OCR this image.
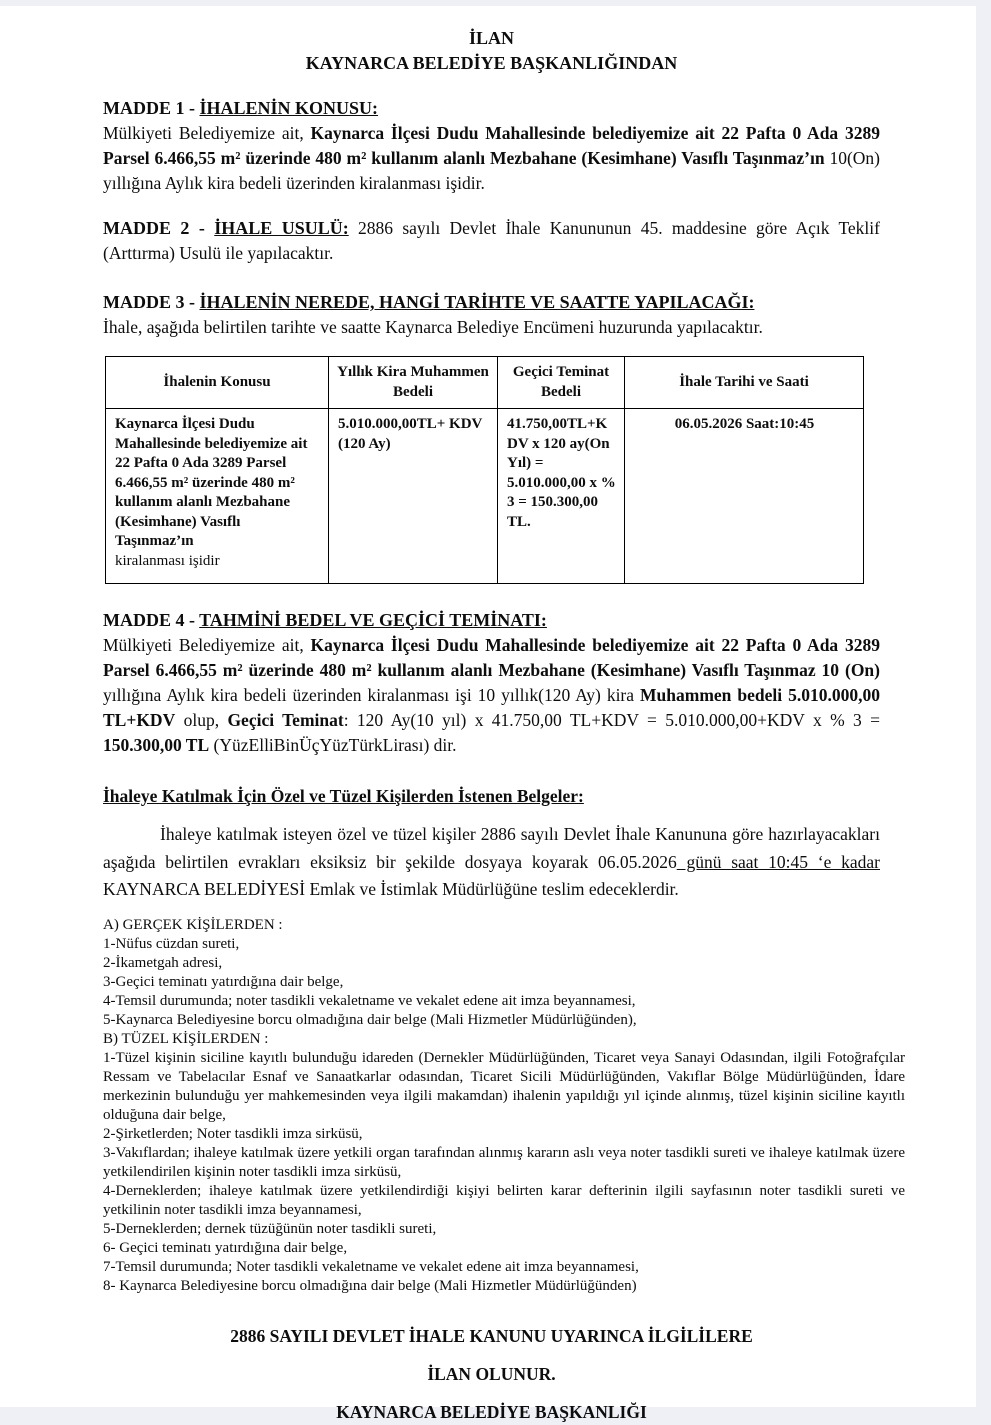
İLAN
KAYNARCA BELEDİYE BAŞKANLIĞINDAN
MADDE 1 - İHALENİN KONUSU:
Mülkiyeti Belediyemize ait, Kaynarca İlçesi Dudu Mahallesinde belediyemize ait 22 Pafta 0 Ada 3289 Parsel 6.466,55 m² üzerinde 480 m² kullanım alanlı Mezbahane (Kesimhane) Vasıflı Taşınmaz’ın 10(On) yıllığına Aylık kira bedeli üzerinden kiralanması işidir.
MADDE 2 - İHALE USULÜ: 2886 sayılı Devlet İhale Kanununun 45. maddesine göre Açık Teklif (Arttırma) Usulü ile yapılacaktır.
MADDE 3 - İHALENİN NEREDE, HANGİ TARİHTE VE SAATTE YAPILACAĞI:
İhale, aşağıda belirtilen tarihte ve saatte Kaynarca Belediye Encümeni huzurunda yapılacaktır.
İhalenin Konusu	Yıllık Kira Muhammen Bedeli	Geçici Teminat Bedeli	İhale Tarihi ve Saati
Kaynarca İlçesi Dudu Mahallesinde belediyemize ait 22 Pafta 0 Ada 3289 Parsel 6.466,55 m² üzerinde 480 m² kullanım alanlı Mezbahane (Kesimhane) Vasıflı Taşınmaz’ın
kiralanması işidir	5.010.000,00TL+ KDV (120 Ay)	41.750,00TL+KDV x 120 ay(On Yıl) = 5.010.000,00 x % 3 = 150.300,00 TL.	06.05.2026 Saat:10:45
MADDE 4 - TAHMİNİ BEDEL VE GEÇİCİ TEMİNATI:
Mülkiyeti Belediyemize ait, Kaynarca İlçesi Dudu Mahallesinde belediyemize ait 22 Pafta 0 Ada 3289 Parsel 6.466,55 m² üzerinde 480 m² kullanım alanlı Mezbahane (Kesimhane) Vasıflı Taşınmaz 10 (On) yıllığına Aylık kira bedeli üzerinden kiralanması işi 10 yıllık(120 Ay) kira Muhammen bedeli 5.010.000,00 TL+KDV olup, Geçici Teminat: 120 Ay(10 yıl) x 41.750,00 TL+KDV = 5.010.000,00+KDV x % 3 = 150.300,00 TL (YüzElliBinÜçYüzTürkLirası) dir.
İhaleye Katılmak İçin Özel ve Tüzel Kişilerden İstenen Belgeler:
İhaleye katılmak isteyen özel ve tüzel kişiler 2886 sayılı Devlet İhale Kanununa göre hazırlayacakları aşağıda belirtilen evrakları eksiksiz bir şekilde dosyaya koyarak 06.05.2026 günü saat 10:45 ‘e kadar KAYNARCA BELEDİYESİ Emlak ve İstimlak Müdürlüğüne teslim edeceklerdir.
A) GERÇEK KİŞİLERDEN :
1-Nüfus cüzdan sureti,
2-İkametgah adresi,
3-Geçici teminatı yatırdığına dair belge,
4-Temsil durumunda; noter tasdikli vekaletname ve vekalet edene ait imza beyannamesi,
5-Kaynarca Belediyesine borcu olmadığına dair belge (Mali Hizmetler Müdürlüğünden),
B) TÜZEL KİŞİLERDEN :
1-Tüzel kişinin siciline kayıtlı bulunduğu idareden (Dernekler Müdürlüğünden, Ticaret veya Sanayi Odasından, ilgili Fotoğrafçılar Ressam ve Tabelacılar Esnaf ve Sanaatkarlar odasından, Ticaret Sicili Müdürlüğünden, Vakıflar Bölge Müdürlüğünden, İdare merkezinin bulunduğu yer mahkemesinden veya ilgili makamdan) ihalenin yapıldığı yıl içinde alınmış, tüzel kişinin siciline kayıtlı olduğuna dair belge,
2-Şirketlerden; Noter tasdikli imza sirküsü,
3-Vakıflardan; ihaleye katılmak üzere yetkili organ tarafından alınmış kararın aslı veya noter tasdikli sureti ve ihaleye katılmak üzere yetkilendirilen kişinin noter tasdikli imza sirküsü,
4-Derneklerden; ihaleye katılmak üzere yetkilendirdiği kişiyi belirten karar defterinin ilgili sayfasının noter tasdikli sureti ve yetkilinin noter tasdikli imza beyannamesi,
5-Derneklerden; dernek tüzüğünün noter tasdikli sureti,
6- Geçici teminatı yatırdığına dair belge,
7-Temsil durumunda; Noter tasdikli vekaletname ve vekalet edene ait imza beyannamesi,
8- Kaynarca Belediyesine borcu olmadığına dair belge (Mali Hizmetler Müdürlüğünden)
2886 SAYILI DEVLET İHALE KANUNU UYARINCA İLGİLİLERE
İLAN OLUNUR.
KAYNARCA BELEDİYE BAŞKANLIĞI
